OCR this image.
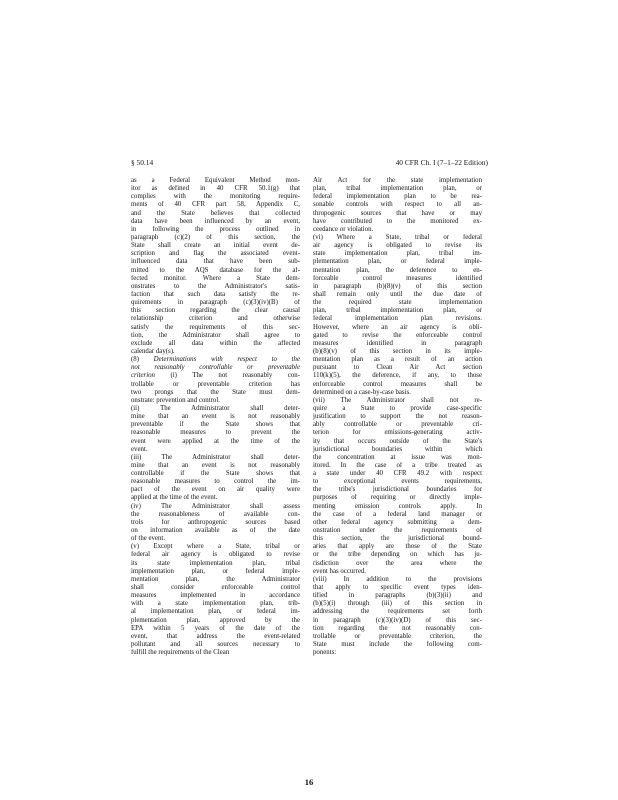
§ 50.14	40 CFR Ch. I (7–1–22 Edition)
as a Federal Equivalent Method mon-
itor as defined in 40 CFR 50.1(g) that
complies with the monitoring require-
ments of 40 CFR part 58, Appendix C,
and the State believes that collected
data have been influenced by an event,
in following the process outlined in
paragraph (c)(2) of this section, the
State shall create an initial event de-
scription and flag the associated event-
influenced data that have been sub-
mitted to the AQS database for the af-
fected monitor. Where a State dem-
onstrates to the Administrator's satis-
faction that such data satisfy the re-
quirements in paragraph (c)(3)(iv)(B) of
this section regarding the clear causal
relationship criterion and otherwise
satisfy the requirements of this sec-
tion, the Administrator shall agree to
exclude all data within the affected
calendar day(s).
(8) Determinations with respect to the
not reasonably controllable or preventable
criterion (i) The not reasonably con-
trollable or preventable criterion has
two prongs that the State must dem-
onstrate: prevention and control.
(ii) The Administrator shall deter-
mine that an event is not reasonably
preventable if the State shows that
reasonable measures to prevent the
event were applied at the time of the
event.
(iii) The Administrator shall deter-
mine that an event is not reasonably
controllable if the State shows that
reasonable measures to control the im-
pact of the event on air quality were
applied at the time of the event.
(iv) The Administrator shall assess
the reasonableness of available con-
trols for anthropogenic sources based
on information available as of the date
of the event.
(v) Except where a State, tribal or
federal air agency is obligated to revise
its state implementation plan, tribal
implementation plan, or federal imple-
mentation plan, the Administrator
shall consider enforceable control
measures implemented in accordance
with a state implementation plan, trib-
al implementation plan, or federal im-
plementation plan, approved by the
EPA within 5 years of the date of the
event, that address the event-related
pollutant and all sources necessary to
fulfill the requirements of the Clean
Air Act for the state implementation
plan, tribal implementation plan, or
federal implementation plan to be rea-
sonable controls with respect to all an-
thropogenic sources that have or may
have contributed to the monitored ex-
ceedance or violation.
(vi) Where a State, tribal or federal
air agency is obligated to revise its
state implementation plan, tribal im-
plementation plan, or federal imple-
mentation plan, the deference to en-
forceable control measures identified
in paragraph (b)(8)(v) of this section
shall remain only until the due date of
the required state implementation
plan, tribal implementation plan, or
federal implementation plan revisions.
However, where an air agency is obli-
gated to revise the enforceable control
measures identified in paragraph
(b)(8)(v) of this section in its imple-
mentation plan as a result of an action
pursuant to Clean Air Act section
110(k)(5), the deference, if any, to those
enforceable control measures shall be
determined on a case-by-case basis.
(vii) The Administrator shall not re-
quire a State to provide case-specific
justification to support the not reason-
ably controllable or preventable cri-
terion for emissions-generating activ-
ity that occurs outside of the State's
jurisdictional boundaries within which
the concentration at issue was mon-
itored. In the case of a tribe treated as
a state under 40 CFR 49.2 with respect
to exceptional events requirements,
the tribe's jurisdictional boundaries for
purposes of requiring or directly imple-
menting emission controls apply. In
the case of a federal land manager or
other federal agency submitting a dem-
onstration under the requirements of
this section, the jurisdictional bound-
aries that apply are those of the State
or the tribe depending on which has ju-
risdiction over the area where the
event has occurred.
(viii) In addition to the provisions
that apply to specific event types iden-
tified in paragraphs (b)(3)(ii) and
(b)(5)(i) through (iii) of this section in
addressing the requirements set forth
in paragraph (c)(3)(iv)(D) of this sec-
tion regarding the not reasonably con-
trollable or preventable criterion, the
State must include the following com-
ponents:
16
